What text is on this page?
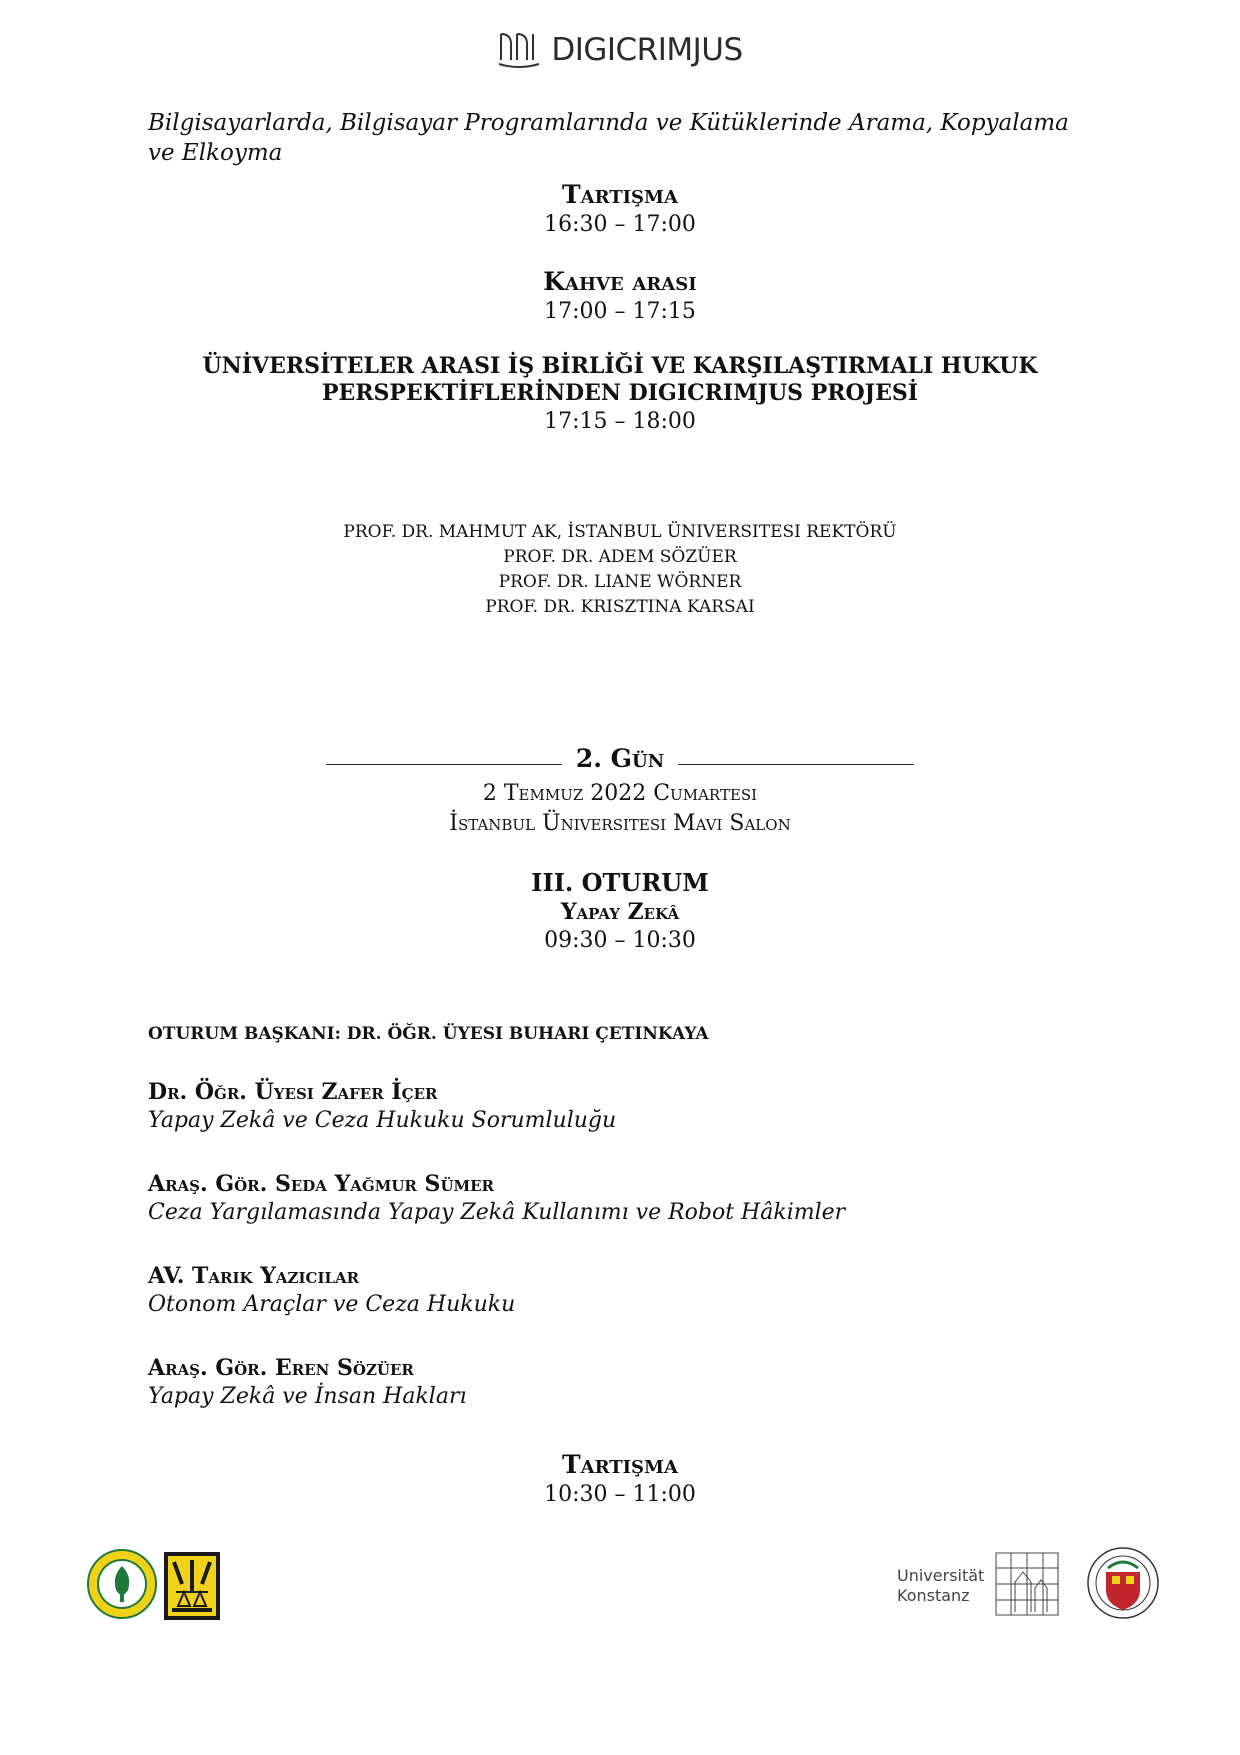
DIGICRIMJUS
Bilgisayarlarda, Bilgisayar Programlarında ve Kütüklerinde Arama, Kopyalama ve Elkoyma
Tartışma
16:30 – 17:00
Kahve arası
17:00 – 17:15
ÜNİVERSİTELER ARASI İŞ BİRLİĞİ VE KARŞILAŞTIRMALI HUKUK
PERSPEKTİFLERİNDEN DIGICRIMJUS PROJESİ
17:15 – 18:00
PROF. DR. MAHMUT AK, İSTANBUL ÜNIVERSITESI REKTÖRÜ
PROF. DR. ADEM SÖZÜER
PROF. DR. LIANE WÖRNER
PROF. DR. KRISZTINA KARSAI
2. Gün
2 Temmuz 2022 Cumartesi
İstanbul Üniversitesi Mavi Salon
III. OTURUM
Yapay Zekâ
09:30 – 10:30
OTURUM BAŞKANI: DR. ÖĞR. ÜYESI BUHARI ÇETINKAYA
Dr. Öğr. Üyesi Zafer İçer
Yapay Zekâ ve Ceza Hukuku Sorumluluğu
Araş. Gör. Seda Yağmur Sümer
Ceza Yargılamasında Yapay Zekâ Kullanımı ve Robot Hâkimler
AV. Tarık Yazıcılar
Otonom Araçlar ve Ceza Hukuku
Araş. Gör. Eren Sözüer
Yapay Zekâ ve İnsan Hakları
Tartışma
10:30 – 11:00
Universität
Konstanz
